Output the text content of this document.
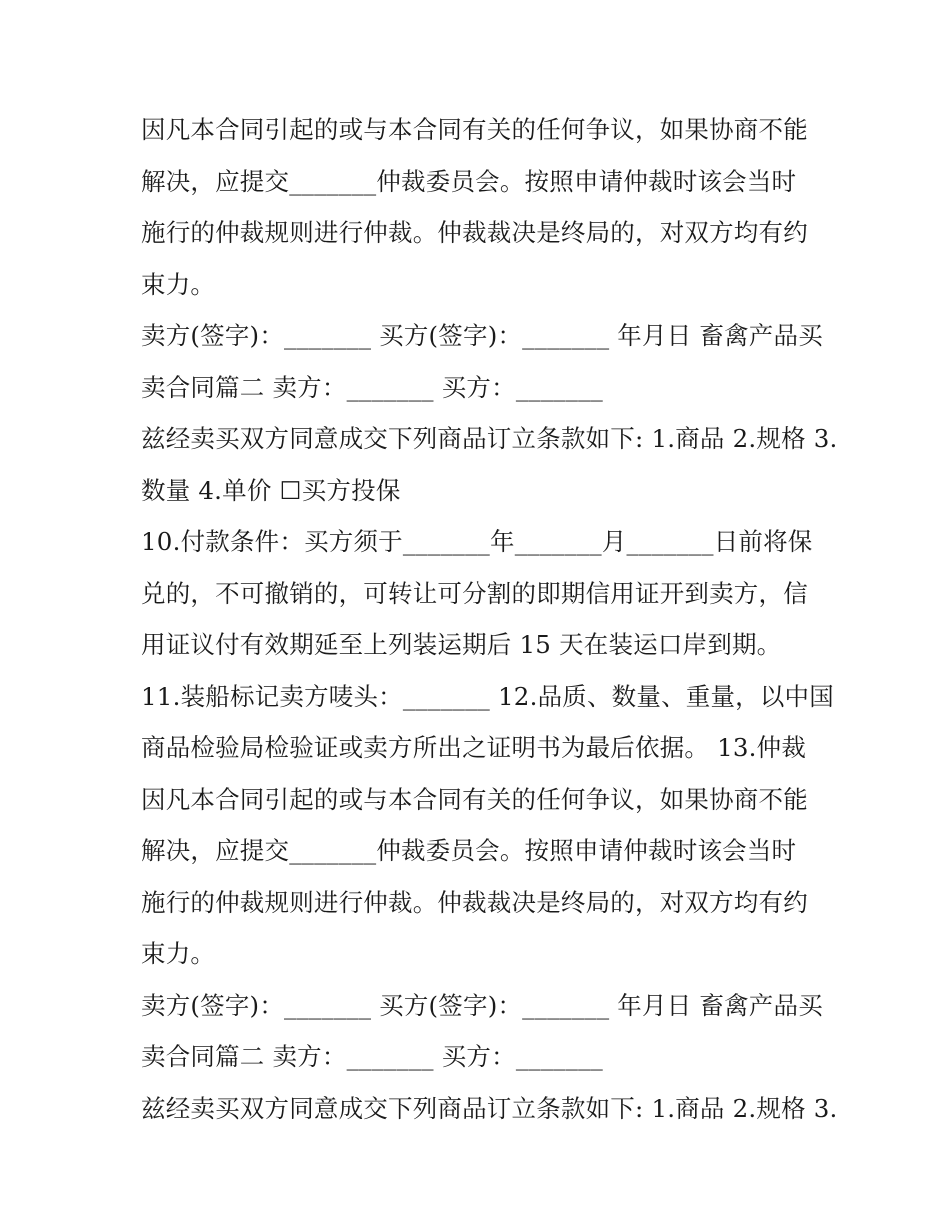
因凡本合同引起的或与本合同有关的任何争议，如果协商不能
解决，应提交_______仲裁委员会。按照申请仲裁时该会当时
施行的仲裁规则进行仲裁。仲裁裁决是终局的，对双方均有约
束力。
卖方(签字)：_______ 买方(签字)：_______ 年月日 畜禽产品买
卖合同篇二 卖方：_______ 买方：_______
兹经卖买双方同意成交下列商品订立条款如下: 1.商品 2.规格 3.
数量 4.单价 ☐买方投保
10.付款条件：买方须于_______年_______月_______日前将保
兑的，不可撤销的，可转让可分割的即期信用证开到卖方，信
用证议付有效期延至上列装运期后 15 天在装运口岸到期。
11.装船标记卖方唛头：_______ 12.品质、数量、重量，以中国
商品检验局检验证或卖方所出之证明书为最后依据。 13.仲裁
因凡本合同引起的或与本合同有关的任何争议，如果协商不能
解决，应提交_______仲裁委员会。按照申请仲裁时该会当时
施行的仲裁规则进行仲裁。仲裁裁决是终局的，对双方均有约
束力。
卖方(签字)：_______ 买方(签字)：_______ 年月日 畜禽产品买
卖合同篇二 卖方：_______ 买方：_______
兹经卖买双方同意成交下列商品订立条款如下: 1.商品 2.规格 3.
